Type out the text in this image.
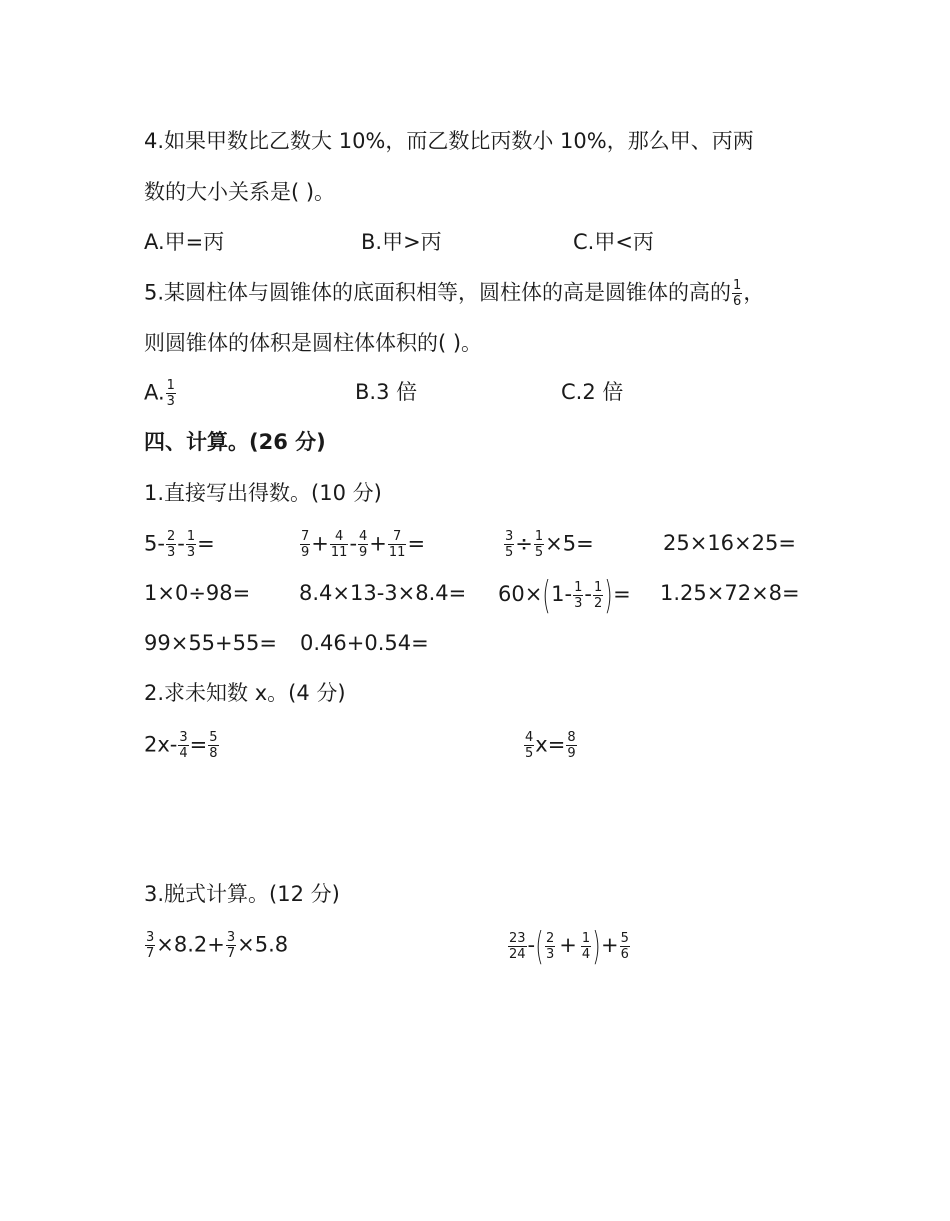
4.如果甲数比乙数大 10%，而乙数比丙数小 10%，那么甲、丙两
数的大小关系是( )。
A.甲=丙	B.甲>丙	C.甲<丙
5.某圆柱体与圆锥体的底面积相等，圆柱体的高是圆锥体的高的 $\frac{1}{6}$ ，
则圆锥体的体积是圆柱体体积的( )。
A. $\frac{1}{3}$	B.3 倍	C.2 倍
四、计算。(26 分)
1.直接写出得数。(10 分)
$5- \frac{2}{3} - \frac{1}{3}$ =	$\frac{7}{9} + \frac{4}{11} - \frac{4}{9} + \frac{7}{11}$ =	$\frac{3}{5} \div \frac{1}{5} \times 5=$	25×16×25=
$1\times 0\div 98= 8.4\times 13-3\times 8.4= 60\times(1- \frac{1}{3} - \frac{1}{2}$ )= 1.25×72×8=
99×55+55= 0.46+0.54=
2.求未知数 x。(4 分)
$2x- \frac{3}{4} = \frac{5}{8}$	$\frac{4}{5} x= \frac{8}{9}$
3.脱式计算。(12 分)
$\frac{3}{7} \times 8.2+ \frac{3}{7} \times 5.8$	$\frac{23}{24}$ -( $\frac{2}{3} + \frac{1}{4}$ )+ $\frac{5}{6}$
